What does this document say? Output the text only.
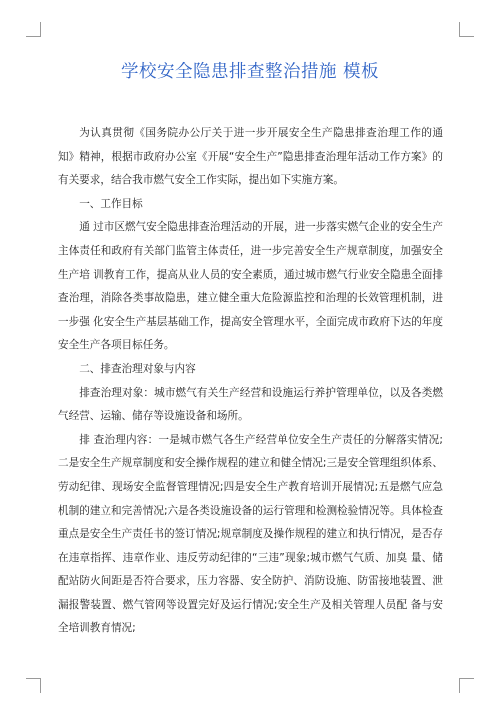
学校安全隐患排查整治措施 模板

为认真贯彻《国务院办公厅关于进一步开展安全生产隐患排查治理工作的通知》精神，根据市政府办公室《开展“安全生产”隐患排查治理年活动工作方案》的有关要求，结合我市燃气安全工作实际，提出如下实施方案。

一、工作目标

通 过市区燃气安全隐患排查治理活动的开展，进一步落实燃气企业的安全生产主体责任和政府有关部门监管主体责任，进一步完善安全生产规章制度，加强安全生产培 训教育工作，提高从业人员的安全素质，通过城市燃气行业安全隐患全面排查治理，消除各类事故隐患，建立健全重大危险源监控和治理的长效管理机制，进一步强 化安全生产基层基础工作，提高安全管理水平，全面完成市政府下达的年度安全生产各项目标任务。

二、排查治理对象与内容

排查治理对象：城市燃气有关生产经营和设施运行养护管理单位，以及各类燃气经营、运输、储存等设施设备和场所。

排 查治理内容：一是城市燃气各生产经营单位安全生产责任的分解落实情况;二是安全生产规章制度和安全操作规程的建立和健全情况;三是安全管理组织体系、劳动纪律、现场安全监督管理情况;四是安全生产教育培训开展情况;五是燃气应急机制的建立和完善情况;六是各类设施设备的运行管理和检测检验情况等。具体检查 重点是安全生产责任书的签订情况;规章制度及操作规程的建立和执行情况，是否存在违章指挥、违章作业、违反劳动纪律的“三违”现象;城市燃气气质、加臭 量、储配站防火间距是否符合要求，压力容器、安全防护、消防设施、防雷接地装置、泄漏报警装置、燃气管网等设置完好及运行情况;安全生产及相关管理人员配 备与安全培训教育情况;
